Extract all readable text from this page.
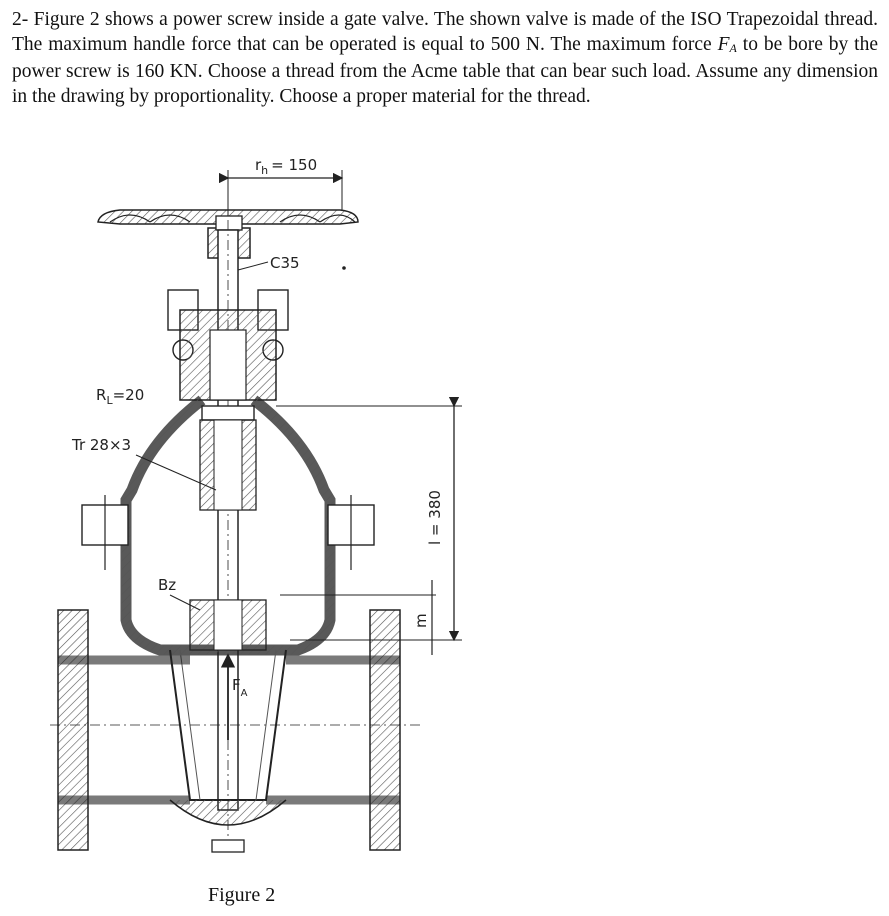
2- Figure 2 shows a power screw inside a gate valve. The shown valve is made of the ISO Trapezoidal thread. The maximum handle force that can be operated is equal to 500 N. The maximum force $F_A$ to be bore by the power screw is 160 KN. Choose a thread from the Acme table that can bear such load. Assume any dimension in the drawing by proportionality. Choose a proper material for the thread.

$r_h = 150$
C35
$F_A$
$R_L=20$
Tr 28×3
Bz
l = 380
m
Figure 2
